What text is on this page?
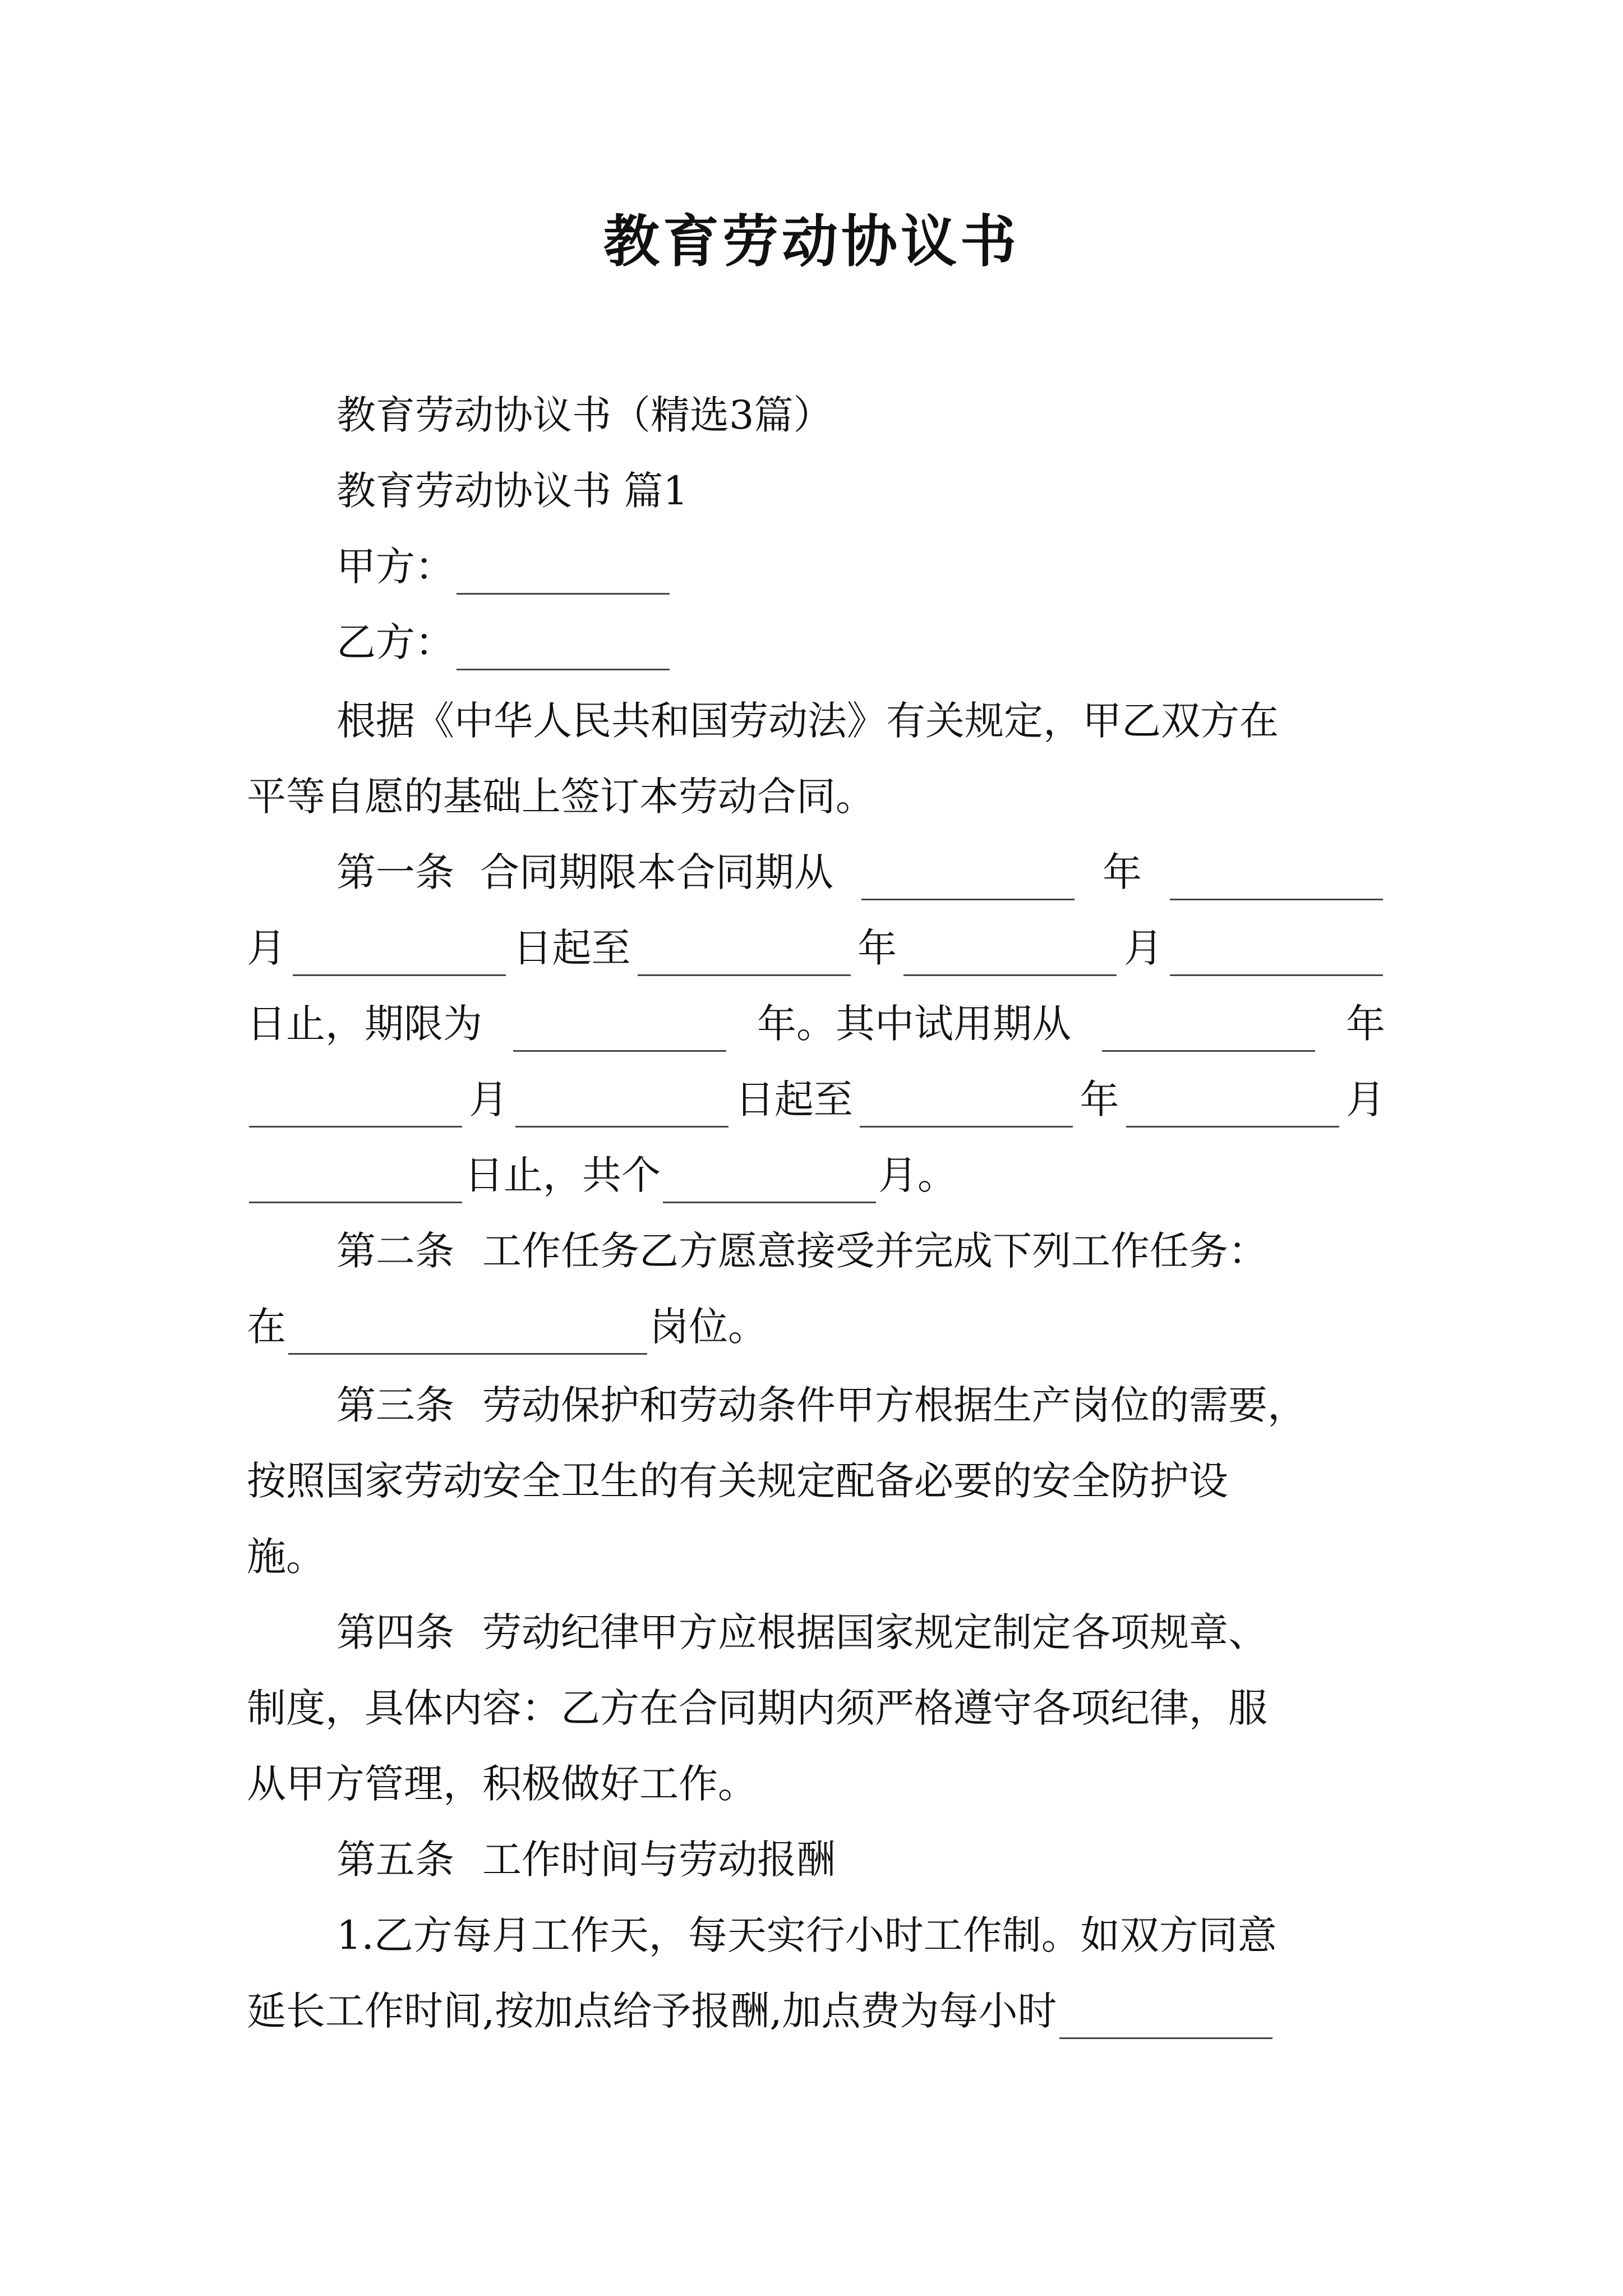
教育劳动协议书
教育劳动协议书（精选3篇）
教育劳动协议书 篇1
甲方：
乙方：
根据《中华人民共和国劳动法》有关规定，甲乙双方在
平等自愿的基础上签订本劳动合同。
第一条 合同期限本合同期从	年
月	日起至	年	月
日止，期限为	年。其中试用期从	年
月	日起至	年	月
日止，共个	月。
第二条 工作任务乙方愿意接受并完成下列工作任务：
在	岗位。
第三条 劳动保护和劳动条件甲方根据生产岗位的需要，
按照国家劳动安全卫生的有关规定配备必要的安全防护设
施。
第四条 劳动纪律甲方应根据国家规定制定各项规章、
制度，具体内容：乙方在合同期内须严格遵守各项纪律，服
从甲方管理，积极做好工作。
第五条 工作时间与劳动报酬
1.乙方每月工作天，每天实行小时工作制。如双方同意
延长工作时间,按加点给予报酬,加点费为每小时
